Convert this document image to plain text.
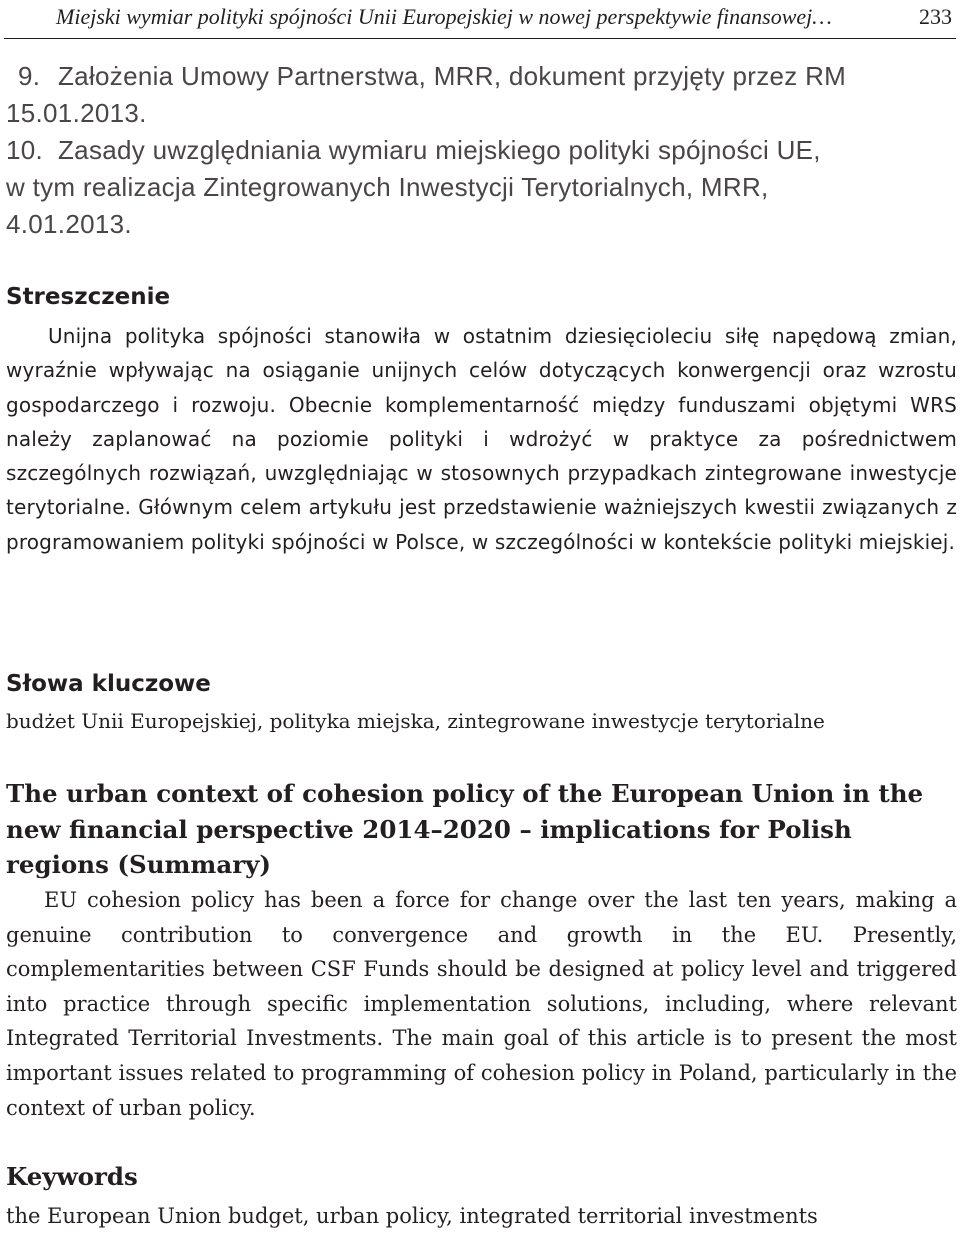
Miejski wymiar polityki spójności Unii Europejskiej w nowej perspektywie finansowej…	233
9. Założenia Umowy Partnerstwa, MRR, dokument przyjęty przez RM
15.01.2013.
10. Zasady uwzględniania wymiaru miejskiego polityki spójności UE,
w tym realizacja Zintegrowanych Inwestycji Terytorialnych, MRR,
4.01.2013.
Streszczenie

Unijna polityka spójności stanowiła w ostatnim dziesięcioleciu siłę napędową zmian, wyraźnie wpływając na osiąganie unijnych celów dotyczących konwergencji oraz wzrostu gospodarczego i rozwoju. Obecnie komplementarność między funduszami objętymi WRS należy zaplanować na poziomie polityki i wdrożyć w praktyce za pośrednictwem szczególnych rozwiązań, uwzględniając w stosownych przypadkach zintegrowane inwestycje terytorialne. Głównym celem artykułu jest przedstawienie ważniejszych kwestii związanych z programowaniem polityki spójności w Polsce, w szczególności w kontekście polityki miejskiej.

Słowa kluczowe

budżet Unii Europejskiej, polityka miejska, zintegrowane inwestycje terytorialne

The urban context of cohesion policy of the European Union in the new financial perspective 2014–2020 – implications for Polish regions (Summary)

EU cohesion policy has been a force for change over the last ten years, making a genuine contribution to convergence and growth in the EU. Presently, complementarities between CSF Funds should be designed at policy level and triggered into practice through specific implementation solutions, including, where relevant Integrated Territorial Investments. The main goal of this article is to present the most important issues related to programming of cohesion policy in Poland, particularly in the context of urban policy.

Keywords

the European Union budget, urban policy, integrated territorial investments
